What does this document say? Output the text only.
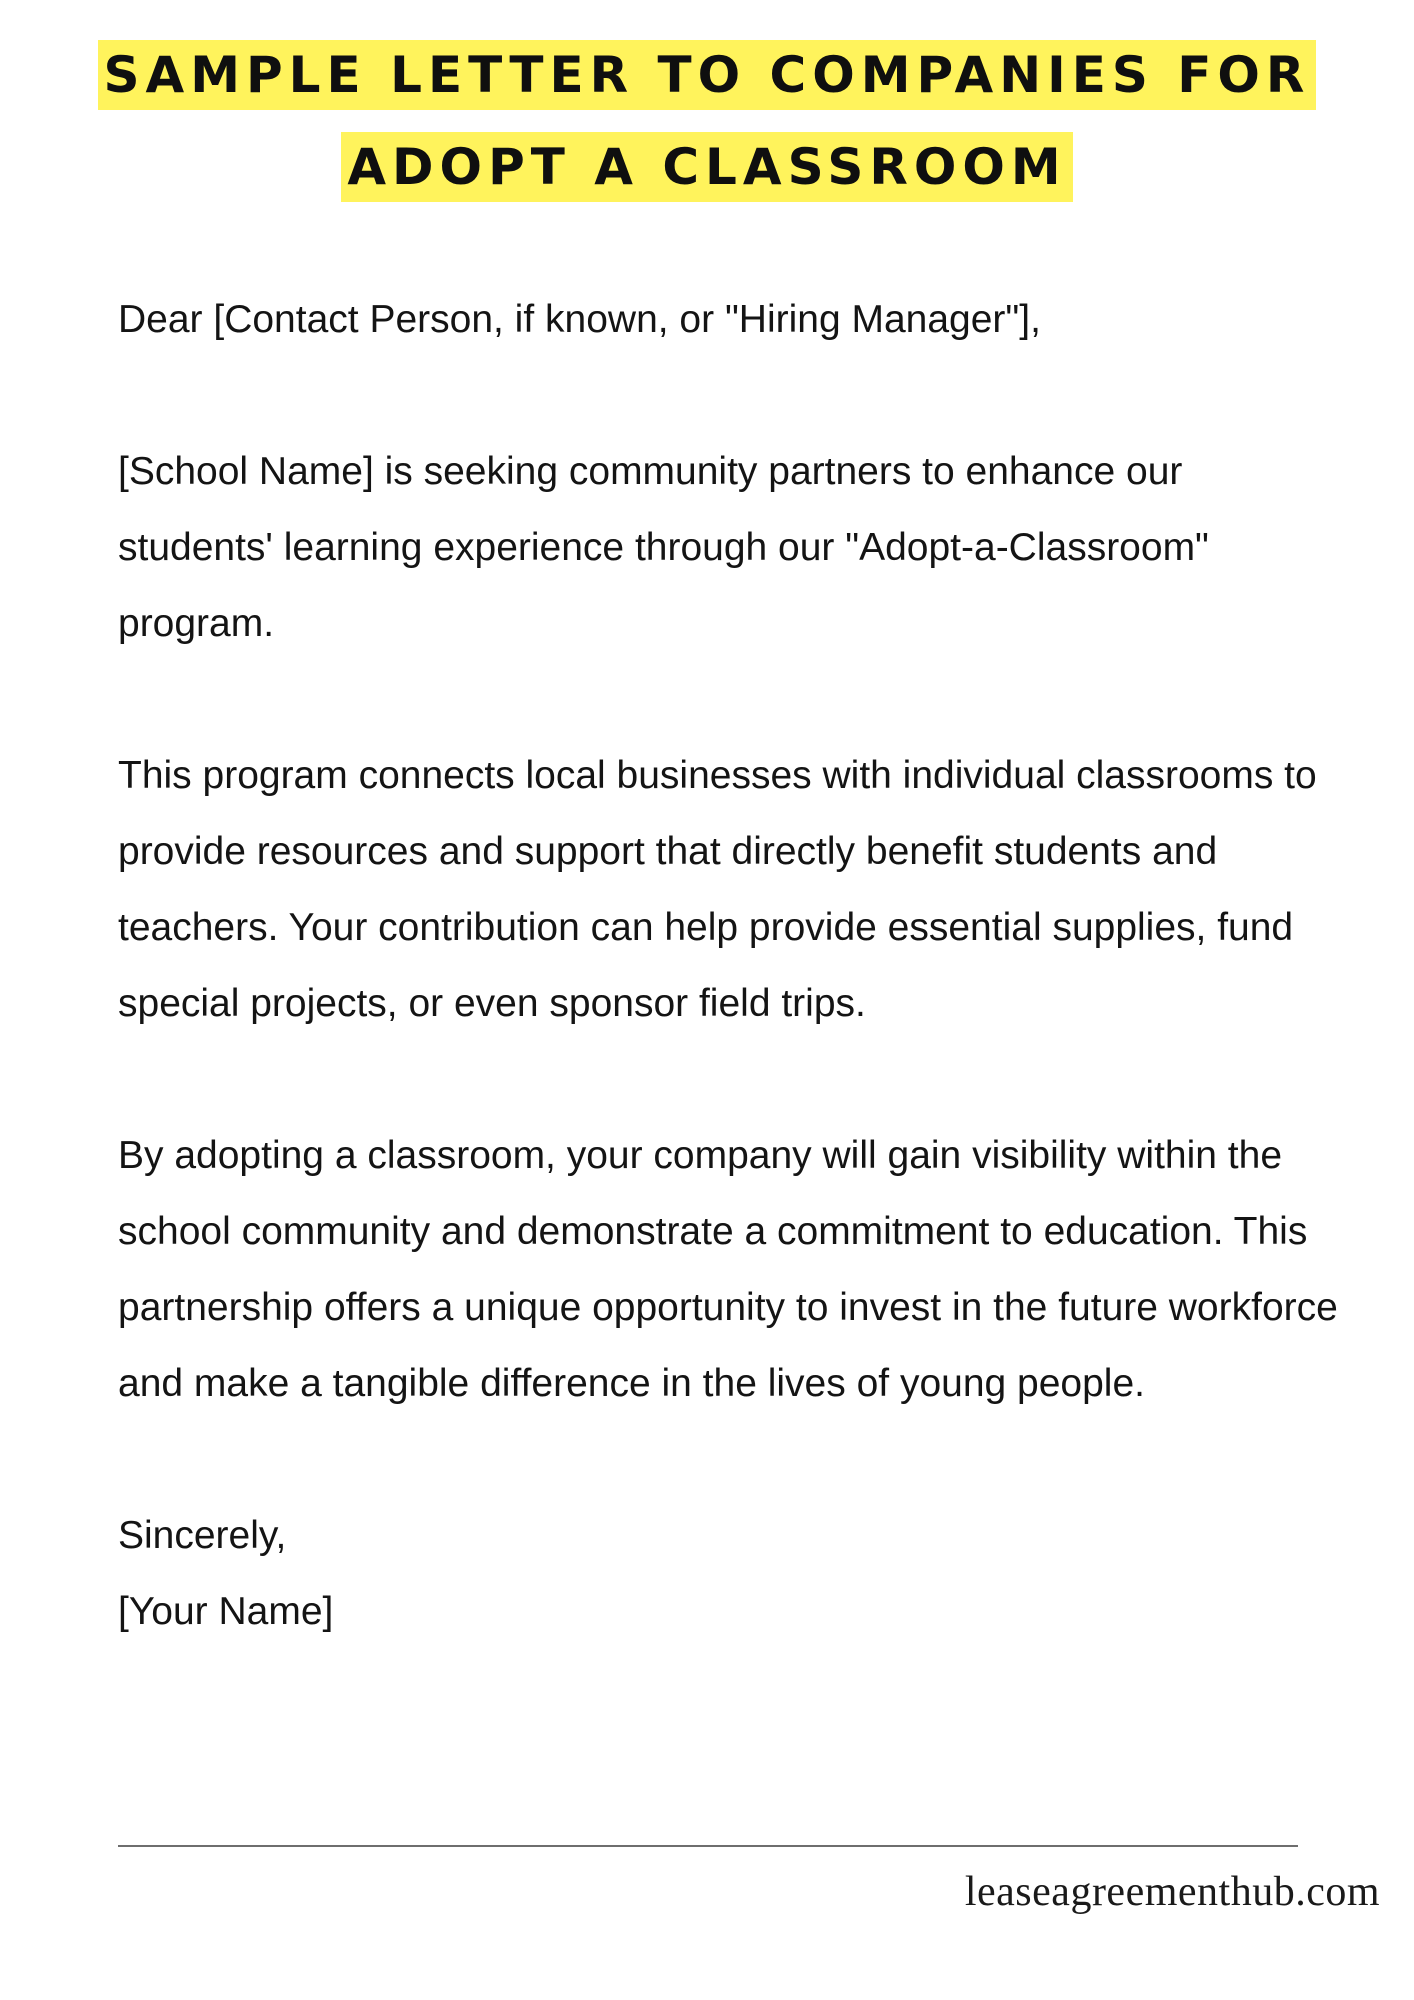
SAMPLE LETTER TO COMPANIES FOR
ADOPT A CLASSROOM

Dear [Contact Person, if known, or "Hiring Manager"],

[School Name] is seeking community partners to enhance our students' learning experience through our "Adopt-a-Classroom" program.

This program connects local businesses with individual classrooms to provide resources and support that directly benefit students and teachers. Your contribution can help provide essential supplies, fund special projects, or even sponsor field trips.

By adopting a classroom, your company will gain visibility within the school community and demonstrate a commitment to education. This partnership offers a unique opportunity to invest in the future workforce and make a tangible difference in the lives of young people.

Sincerely,

[Your Name]

leaseagreementhub.com
